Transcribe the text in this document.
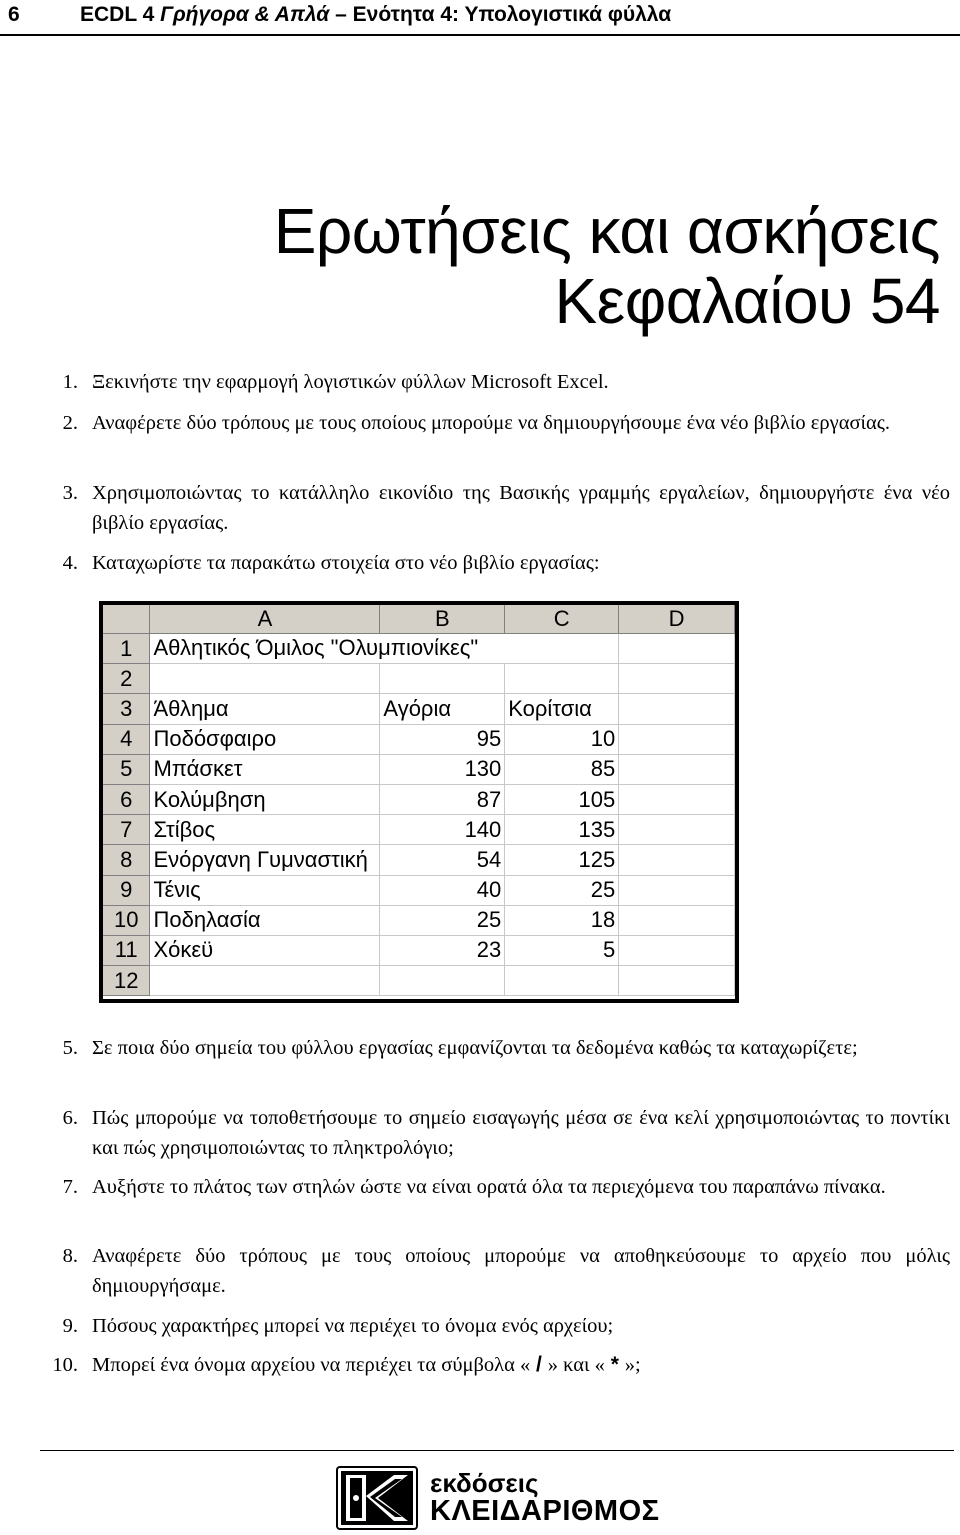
6	ECDL 4 Γρήγορα & Απλά – Ενότητα 4: Υπολογιστικά φύλλα
Ερωτήσεις και ασκήσεις
Κεφαλαίου 54
1. Ξεκινήστε την εφαρμογή λογιστικών φύλλων Microsoft Excel.
2. Αναφέρετε δύο τρόπους με τους οποίους μπορούμε να δημιουργήσουμε ένα νέο βιβλίο εργασίας.
3. Χρησιμοποιώντας το κατάλληλο εικονίδιο της Βασικής γραμμής εργαλείων, δημιουργήστε ένα νέο βιβλίο εργασίας.
4. Καταχωρίστε τα παρακάτω στοιχεία στο νέο βιβλίο εργασίας:
	A	B	C	D
1	Αθλητικός Όμιλος "Ολυμπιονίκες"			

2				
3	Άθλημα	Αγόρια	Κορίτσια	
4	Ποδόσφαιρο	95	10	
5	Μπάσκετ	130	85	
6	Κολύμβηση	87	105	
7	Στίβος	140	135	
8	Ενόργανη Γυμναστική	54	125	
9	Τένις	40	25	
10	Ποδηλασία	25	18	
11	Χόκεϋ	23	5	
12				
5. Σε ποια δύο σημεία του φύλλου εργασίας εμφανίζονται τα δεδομένα καθώς τα καταχωρίζετε;
6. Πώς μπορούμε να τοποθετήσουμε το σημείο εισαγωγής μέσα σε ένα κελί χρησιμοποιώντας το ποντίκι και πώς χρησιμοποιώντας το πληκτρολόγιο;
7. Αυξήστε το πλάτος των στηλών ώστε να είναι ορατά όλα τα περιεχόμενα του παραπάνω πίνακα.
8. Αναφέρετε δύο τρόπους με τους οποίους μπορούμε να αποθηκεύσουμε το αρχείο που μόλις δημιουργήσαμε.
9. Πόσους χαρακτήρες μπορεί να περιέχει το όνομα ενός αρχείου;
10. Μπορεί ένα όνομα αρχείου να περιέχει τα σύμβολα « / » και « * »;
εκδόσεις
ΚΛΕΙΔΑΡΙΘΜΟΣ
